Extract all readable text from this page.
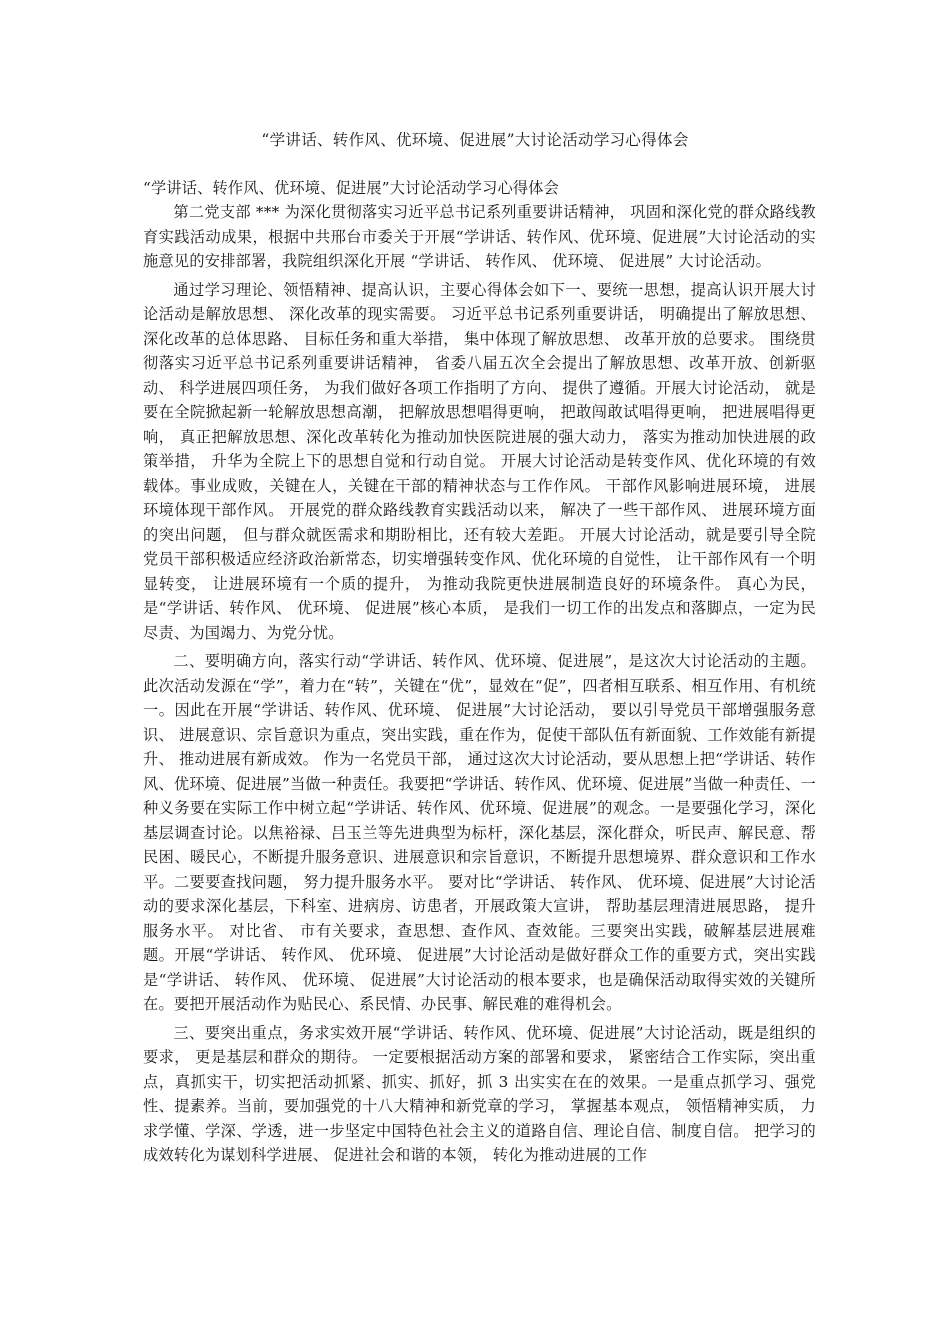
“学讲话、转作风、优环境、促进展”大讨论活动学习心得体会

“学讲话、转作风、优环境、促进展”大讨论活动学习心得体会

第二党支部 *** 为深化贯彻落实习近平总书记系列重要讲话精神， 巩固和深化党的群众路线教育实践活动成果，根据中共邢台市委关于开展“学讲话、转作风、优环境、促进展”大讨论活动的实施意见的安排部署，我院组织深化开展 “学讲话、 转作风、 优环境、 促进展” 大讨论活动。

通过学习理论、领悟精神、提高认识，主要心得体会如下一、要统一思想，提高认识开展大讨论活动是解放思想、 深化改革的现实需要。 习近平总书记系列重要讲话， 明确提出了解放思想、 深化改革的总体思路、 目标任务和重大举措， 集中体现了解放思想、 改革开放的总要求。 围绕贯彻落实习近平总书记系列重要讲话精神， 省委八届五次全会提出了解放思想、改革开放、创新驱动、 科学进展四项任务， 为我们做好各项工作指明了方向、 提供了遵循。开展大讨论活动， 就是要在全院掀起新一轮解放思想高潮， 把解放思想唱得更响， 把敢闯敢试唱得更响， 把进展唱得更响， 真正把解放思想、深化改革转化为推动加快医院进展的强大动力， 落实为推动加快进展的政策举措， 升华为全院上下的思想自觉和行动自觉。 开展大讨论活动是转变作风、优化环境的有效载体。事业成败，关键在人，关键在干部的精神状态与工作作风。 干部作风影响进展环境， 进展环境体现干部作风。 开展党的群众路线教育实践活动以来， 解决了一些干部作风、 进展环境方面的突出问题， 但与群众就医需求和期盼相比，还有较大差距。 开展大讨论活动，就是要引导全院党员干部积极适应经济政治新常态，切实增强转变作风、优化环境的自觉性， 让干部作风有一个明显转变， 让进展环境有一个质的提升， 为推动我院更快进展制造良好的环境条件。 真心为民， 是“学讲话、转作风、 优环境、 促进展”核心本质， 是我们一切工作的出发点和落脚点，一定为民尽责、为国竭力、为党分忧。

二、要明确方向，落实行动“学讲话、转作风、优环境、促进展”，是这次大讨论活动的主题。此次活动发源在“学”，着力在“转”，关键在“优”，显效在“促”，四者相互联系、相互作用、有机统一。因此在开展“学讲话、转作风、优环境、 促进展”大讨论活动， 要以引导党员干部增强服务意识、 进展意识、宗旨意识为重点，突出实践，重在作为，促使干部队伍有新面貌、工作效能有新提升、 推动进展有新成效。 作为一名党员干部， 通过这次大讨论活动，要从思想上把“学讲话、转作风、优环境、促进展”当做一种责任。我要把“学讲话、转作风、优环境、促进展”当做一种责任、一种义务要在实际工作中树立起“学讲话、转作风、优环境、促进展”的观念。一是要强化学习，深化基层调查讨论。以焦裕禄、吕玉兰等先进典型为标杆，深化基层，深化群众，听民声、解民意、帮民困、暖民心，不断提升服务意识、进展意识和宗旨意识，不断提升思想境界、群众意识和工作水平。二要要查找问题， 努力提升服务水平。 要对比“学讲话、 转作风、 优环境、促进展”大讨论活动的要求深化基层，下科室、进病房、访患者，开展政策大宣讲， 帮助基层理清进展思路， 提升服务水平。 对比省、 市有关要求，查思想、查作风、查效能。三要突出实践，破解基层进展难题。开展“学讲话、 转作风、 优环境、 促进展”大讨论活动是做好群众工作的重要方式，突出实践是“学讲话、 转作风、 优环境、 促进展”大讨论活动的根本要求，也是确保活动取得实效的关键所在。要把开展活动作为贴民心、系民情、办民事、解民难的难得机会。

三、要突出重点，务求实效开展“学讲话、转作风、优环境、促进展”大讨论活动，既是组织的要求， 更是基层和群众的期待。 一定要根据活动方案的部署和要求， 紧密结合工作实际，突出重点，真抓实干，切实把活动抓紧、抓实、抓好，抓 3 出实实在在的效果。一是重点抓学习、强党性、提素养。当前，要加强党的十八大精神和新党章的学习， 掌握基本观点， 领悟精神实质， 力求学懂、学深、学透，进一步坚定中国特色社会主义的道路自信、理论自信、制度自信。 把学习的成效转化为谋划科学进展、 促进社会和谐的本领， 转化为推动进展的工作
